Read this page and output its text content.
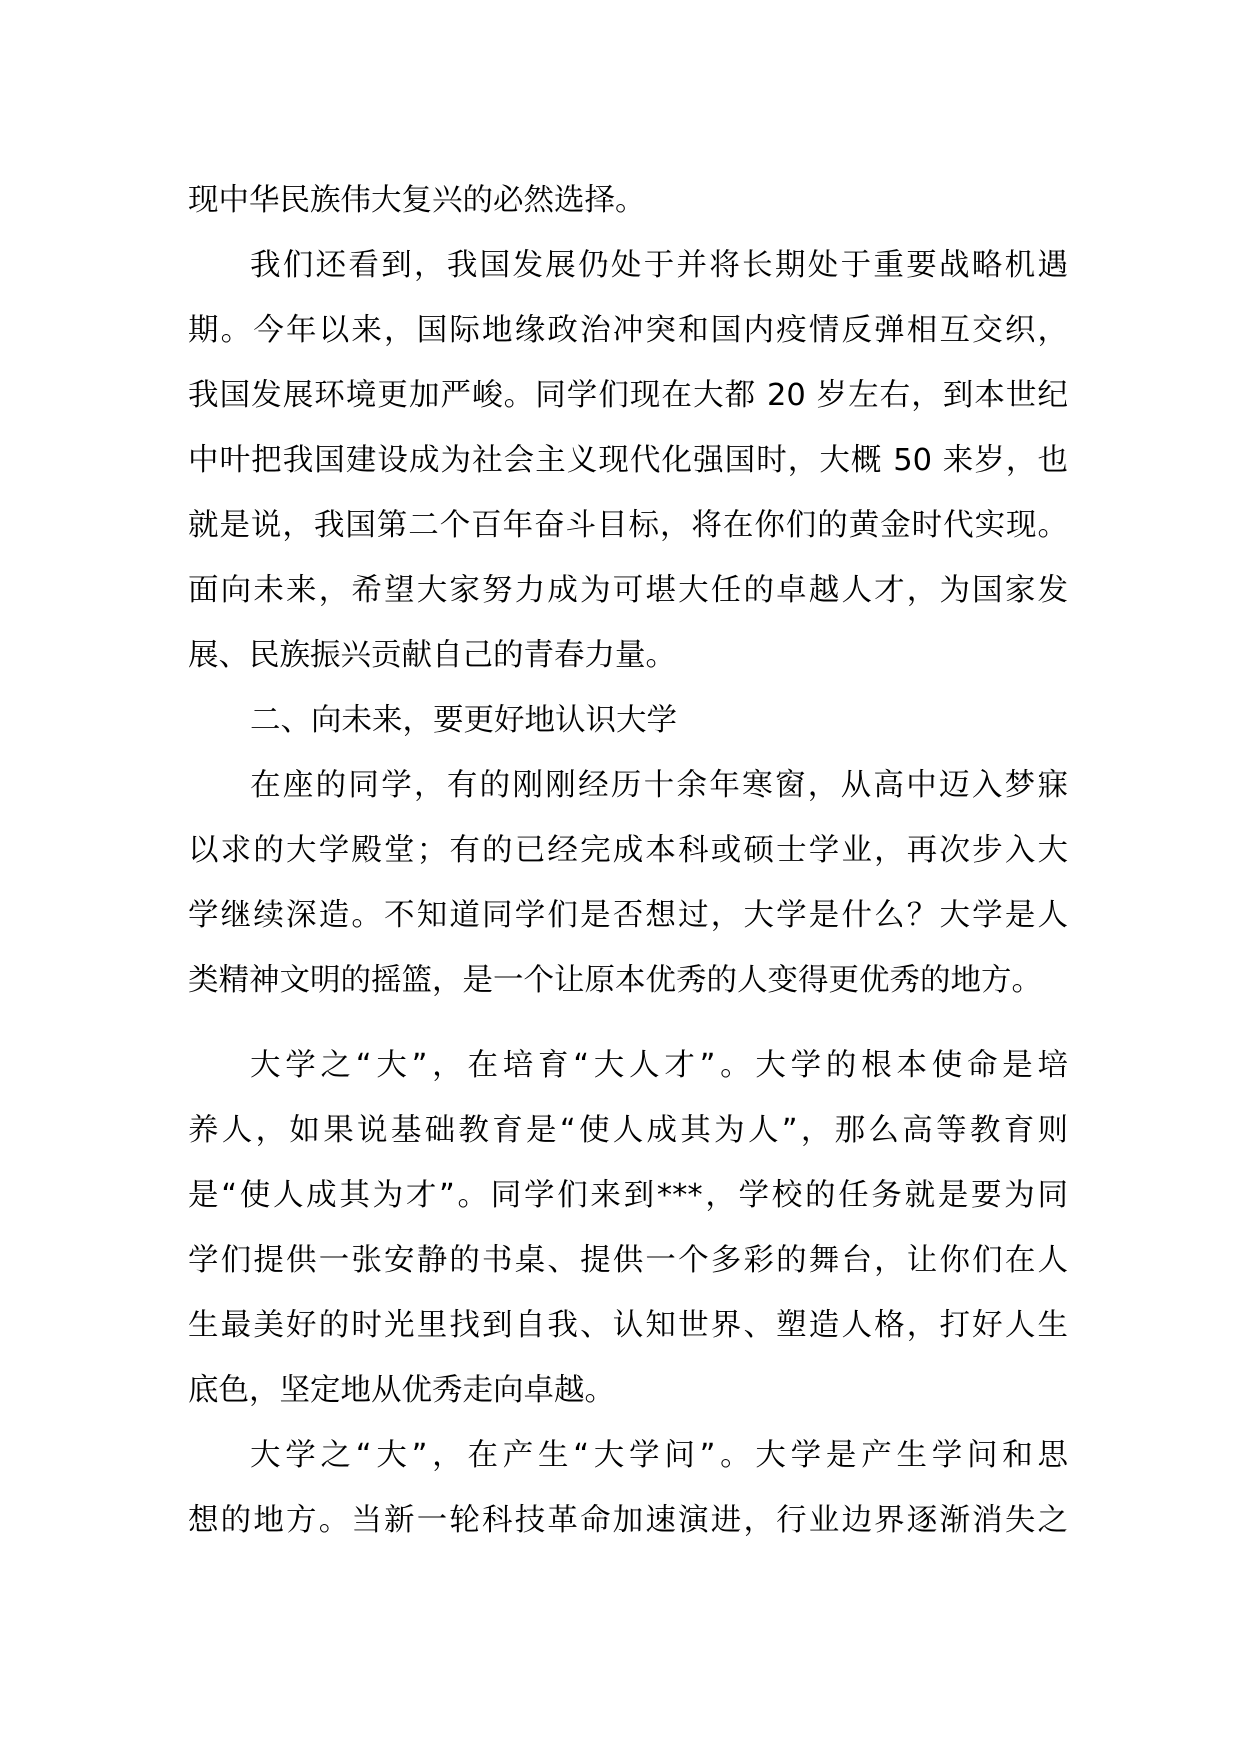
现中华民族伟大复兴的必然选择。
我们还看到，我国发展仍处于并将长期处于重要战略机遇
期。今年以来，国际地缘政治冲突和国内疫情反弹相互交织，
我国发展环境更加严峻。同学们现在大都 20 岁左右，到本世纪
中叶把我国建设成为社会主义现代化强国时，大概 50 来岁，也
就是说，我国第二个百年奋斗目标，将在你们的黄金时代实现。
面向未来，希望大家努力成为可堪大任的卓越人才，为国家发
展、民族振兴贡献自己的青春力量。
二、向未来，要更好地认识大学
在座的同学，有的刚刚经历十余年寒窗，从高中迈入梦寐
以求的大学殿堂；有的已经完成本科或硕士学业，再次步入大
学继续深造。不知道同学们是否想过，大学是什么？大学是人
类精神文明的摇篮，是一个让原本优秀的人变得更优秀的地方。
大学之“大”，在培育“大人才”。大学的根本使命是培
养人，如果说基础教育是“使人成其为人”，那么高等教育则
是“使人成其为才”。同学们来到***，学校的任务就是要为同
学们提供一张安静的书桌、提供一个多彩的舞台，让你们在人
生最美好的时光里找到自我、认知世界、塑造人格，打好人生
底色，坚定地从优秀走向卓越。
大学之“大”，在产生“大学问”。大学是产生学问和思
想的地方。当新一轮科技革命加速演进，行业边界逐渐消失之
